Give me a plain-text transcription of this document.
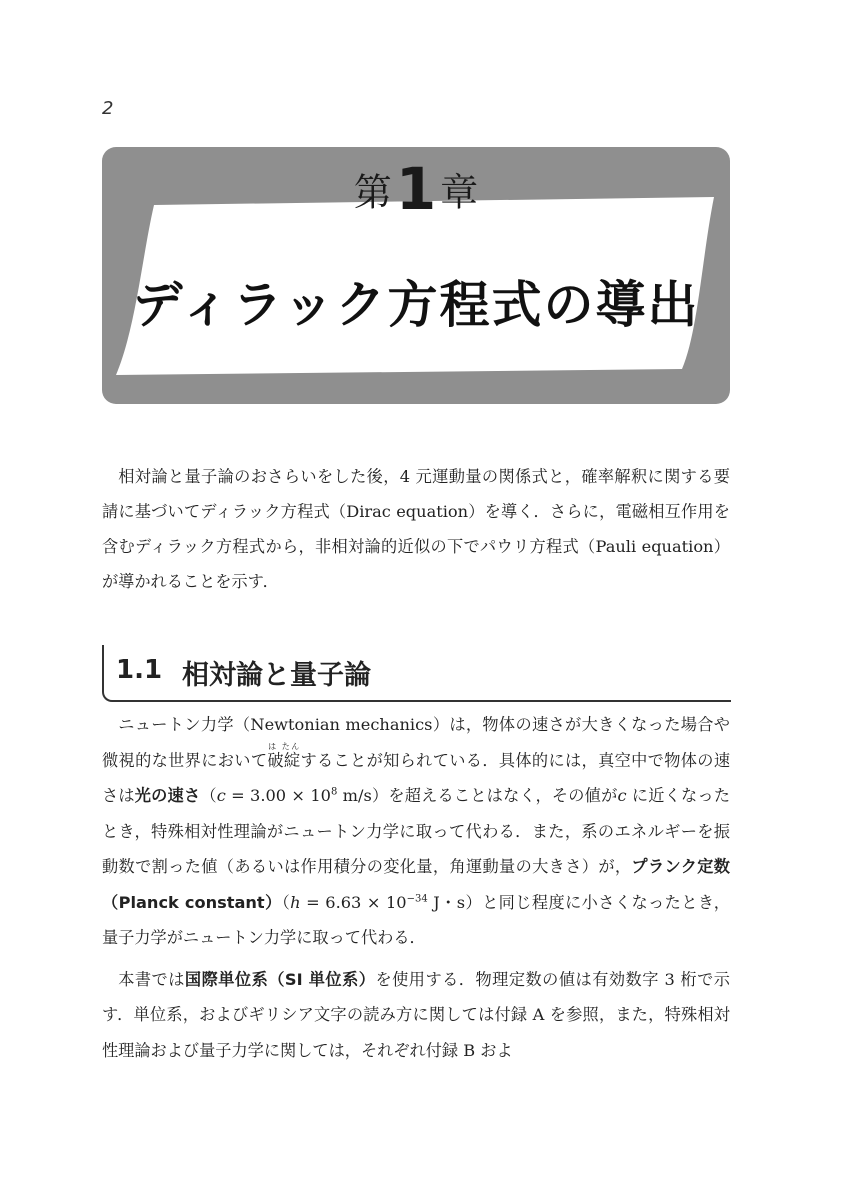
2
第1 章
ディラック方程式の導出

相対論と量子論のおさらいをした後，4 元運動量の関係式と，確率解釈に関する要請に基づいてディラック方程式（Dirac equation）を導く．さらに，電磁相互作用を含むディラック方程式から，非相対論的近似の下でパウリ方程式（Pauli equation）が導かれることを示す．

1.1 相対論と量子論

ニュートン力学（Newtonian mechanics）は，物体の速さが大きくなった場合や微視的な世界において破綻は たんすることが知られている．具体的には，真空中で物体の速さは光の速さ（$c = 3.00 \times 10^8$ m/s）を超えることはなく，その値がc に近くなったとき，特殊相対性理論がニュートン力学に取って代わる．また，系のエネルギーを振動数で割った値（あるいは作用積分の変化量，角運動量の大きさ）が，プランク定数（Planck constant）（h = $6.63 \times 10^{-34}$ J・s）と同じ程度に小さくなったとき，量子力学がニュートン力学に取って代わる．

本書では国際単位系（SI 単位系）を使用する．物理定数の値は有効数字 3 桁で示す．単位系，およびギリシア文字の読み方に関しては付録 A を参照，また，特殊相対性理論および量子力学に関しては，それぞれ付録 B およ
